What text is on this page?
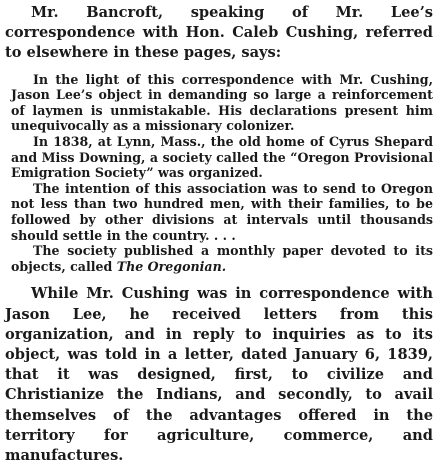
Mr. Bancroft, speaking of Mr. Lee’s correspondence with Hon. Caleb Cushing, referred to elsewhere in these pages, says:

In the light of this correspondence with Mr. Cushing, Jason Lee’s object in demanding so large a reinforcement of laymen is unmistakable. His declarations present him unequivocally as a missionary colonizer.

In 1838, at Lynn, Mass., the old home of Cyrus Shepard and Miss Downing, a society called the “Oregon Provisional Emigration Society” was organized.

The intention of this association was to send to Oregon not less than two hundred men, with their families, to be followed by other divisions at intervals until thousands should settle in the country. . . .

The society published a monthly paper devoted to its objects, called The Oregonian.

While Mr. Cushing was in correspondence with Jason Lee, he received letters from this organization, and in reply to inquiries as to its object, was told in a letter, dated January 6, 1839, that it was designed, first, to civilize and Christianize the Indians, and secondly, to avail themselves of the advantages offered in the territory for agriculture, commerce, and manufactures.
